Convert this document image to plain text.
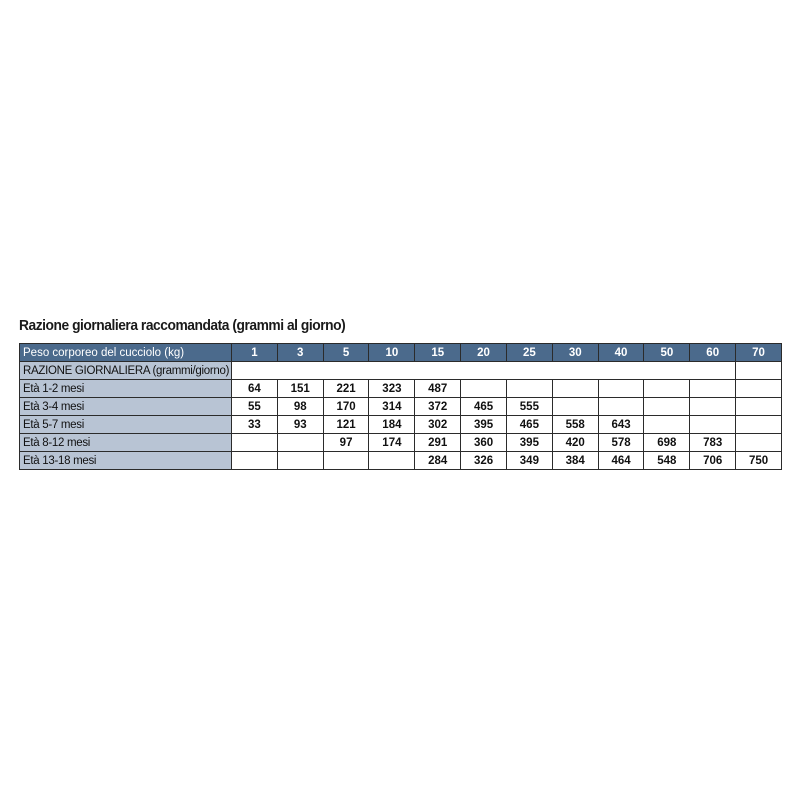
Razione giornaliera raccomandata (grammi al giorno)
Peso corporeo del cucciolo (kg)	1	3	5	10	15	20	25	30	40	50	60	70
RAZIONE GIORNALIERA (grammi/giorno)												
Età 1-2 mesi	64	151	221	323	487							
Età 3-4 mesi	55	98	170	314	372	465	555					
Età 5-7 mesi	33	93	121	184	302	395	465	558	643			
Età 8-12 mesi			97	174	291	360	395	420	578	698	783	
Età 13-18 mesi					284	326	349	384	464	548	706	750
